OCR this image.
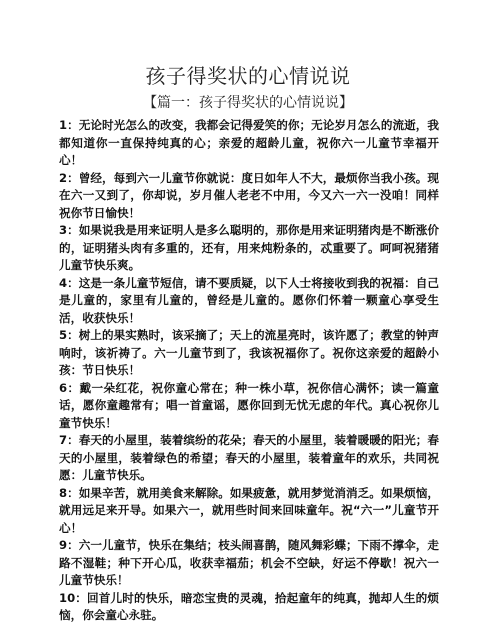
孩子得奖状的心情说说
【篇一：孩子得奖状的心情说说】

1：无论时光怎么的改变，我都会记得爱笑的你；无论岁月怎么的流逝，我都知道你一直保持纯真的心；亲爱的超龄儿童，祝你六一儿童节幸福开心！

2：曾经，每到六一儿童节你就说：度日如年人不大，最烦你当我小孩。现在六一又到了，你却说，岁月催人老老不中用，今又六一六一没咱！同样祝你节日愉快！

3：如果说我是用来证明人是多么聪明的，那你是用来证明猪肉是不断涨价的，证明猪头肉有多重的，还有，用来炖粉条的，忒重要了。呵呵祝猪猪儿童节快乐爽。

4：这是一条儿童节短信，请不要质疑，以下人士将接收到我的祝福：自己是儿童的，家里有儿童的，曾经是儿童的。愿你们怀着一颗童心享受生活，收获快乐！

5：树上的果实熟时，该采摘了；天上的流星亮时，该许愿了；教堂的钟声响时，该祈祷了。六一儿童节到了，我该祝福你了。祝你这亲爱的超龄小孩：节日快乐！

6：戴一朵红花，祝你童心常在；种一株小草，祝你信心满怀；读一篇童话，愿你童趣常有；唱一首童谣，愿你回到无忧无虑的年代。真心祝你儿童节快乐！

7：春天的小屋里，装着缤纷的花朵；春天的小屋里，装着暖暖的阳光；春天的小屋里，装着绿色的希望；春天的小屋里，装着童年的欢乐，共同祝愿：儿童节快乐。

8：如果辛苦，就用美食来解除。如果疲惫，就用梦觉消消乏。如果烦恼，就用远足来开导。如果六一，就用些时间来回味童年。祝“六一”儿童节开心！

9：六一儿童节，快乐在集结；枝头闹喜鹊，随风舞彩蝶；下雨不撑伞，走路不湿鞋；种下开心瓜，收获幸福茄；机会不空缺，好运不停歇！祝六一儿童节快乐！

10：回首儿时的快乐，暗恋宝贵的灵魂，拾起童年的纯真，抛却人生的烦恼，你会童心永驻。
